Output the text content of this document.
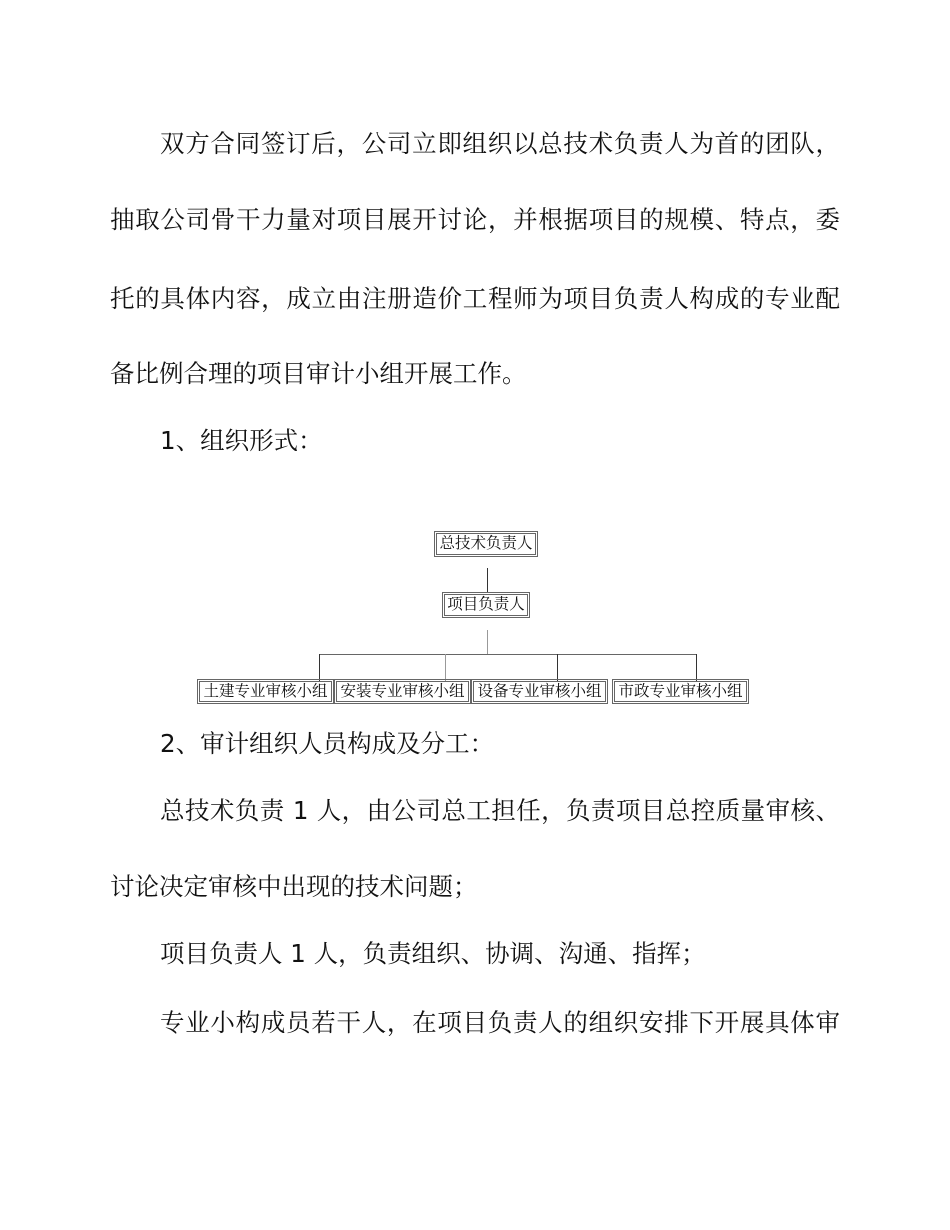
双方合同签订后，公司立即组织以总技术负责人为首的团队，
抽取公司骨干力量对项目展开讨论，并根据项目的规模、特点，委
托的具体内容，成立由注册造价工程师为项目负责人构成的专业配
备比例合理的项目审计小组开展工作。
1、组织形式：
总技术负责人
项目负责人
土建专业审核小组 安装专业审核小组 设备专业审核小组 市政专业审核小组
2、审计组织人员构成及分工：
总技术负责 1 人，由公司总工担任，负责项目总控质量审核、
讨论决定审核中出现的技术问题；
项目负责人 1 人，负责组织、协调、沟通、指挥；
专业小构成员若干人，在项目负责人的组织安排下开展具体审
